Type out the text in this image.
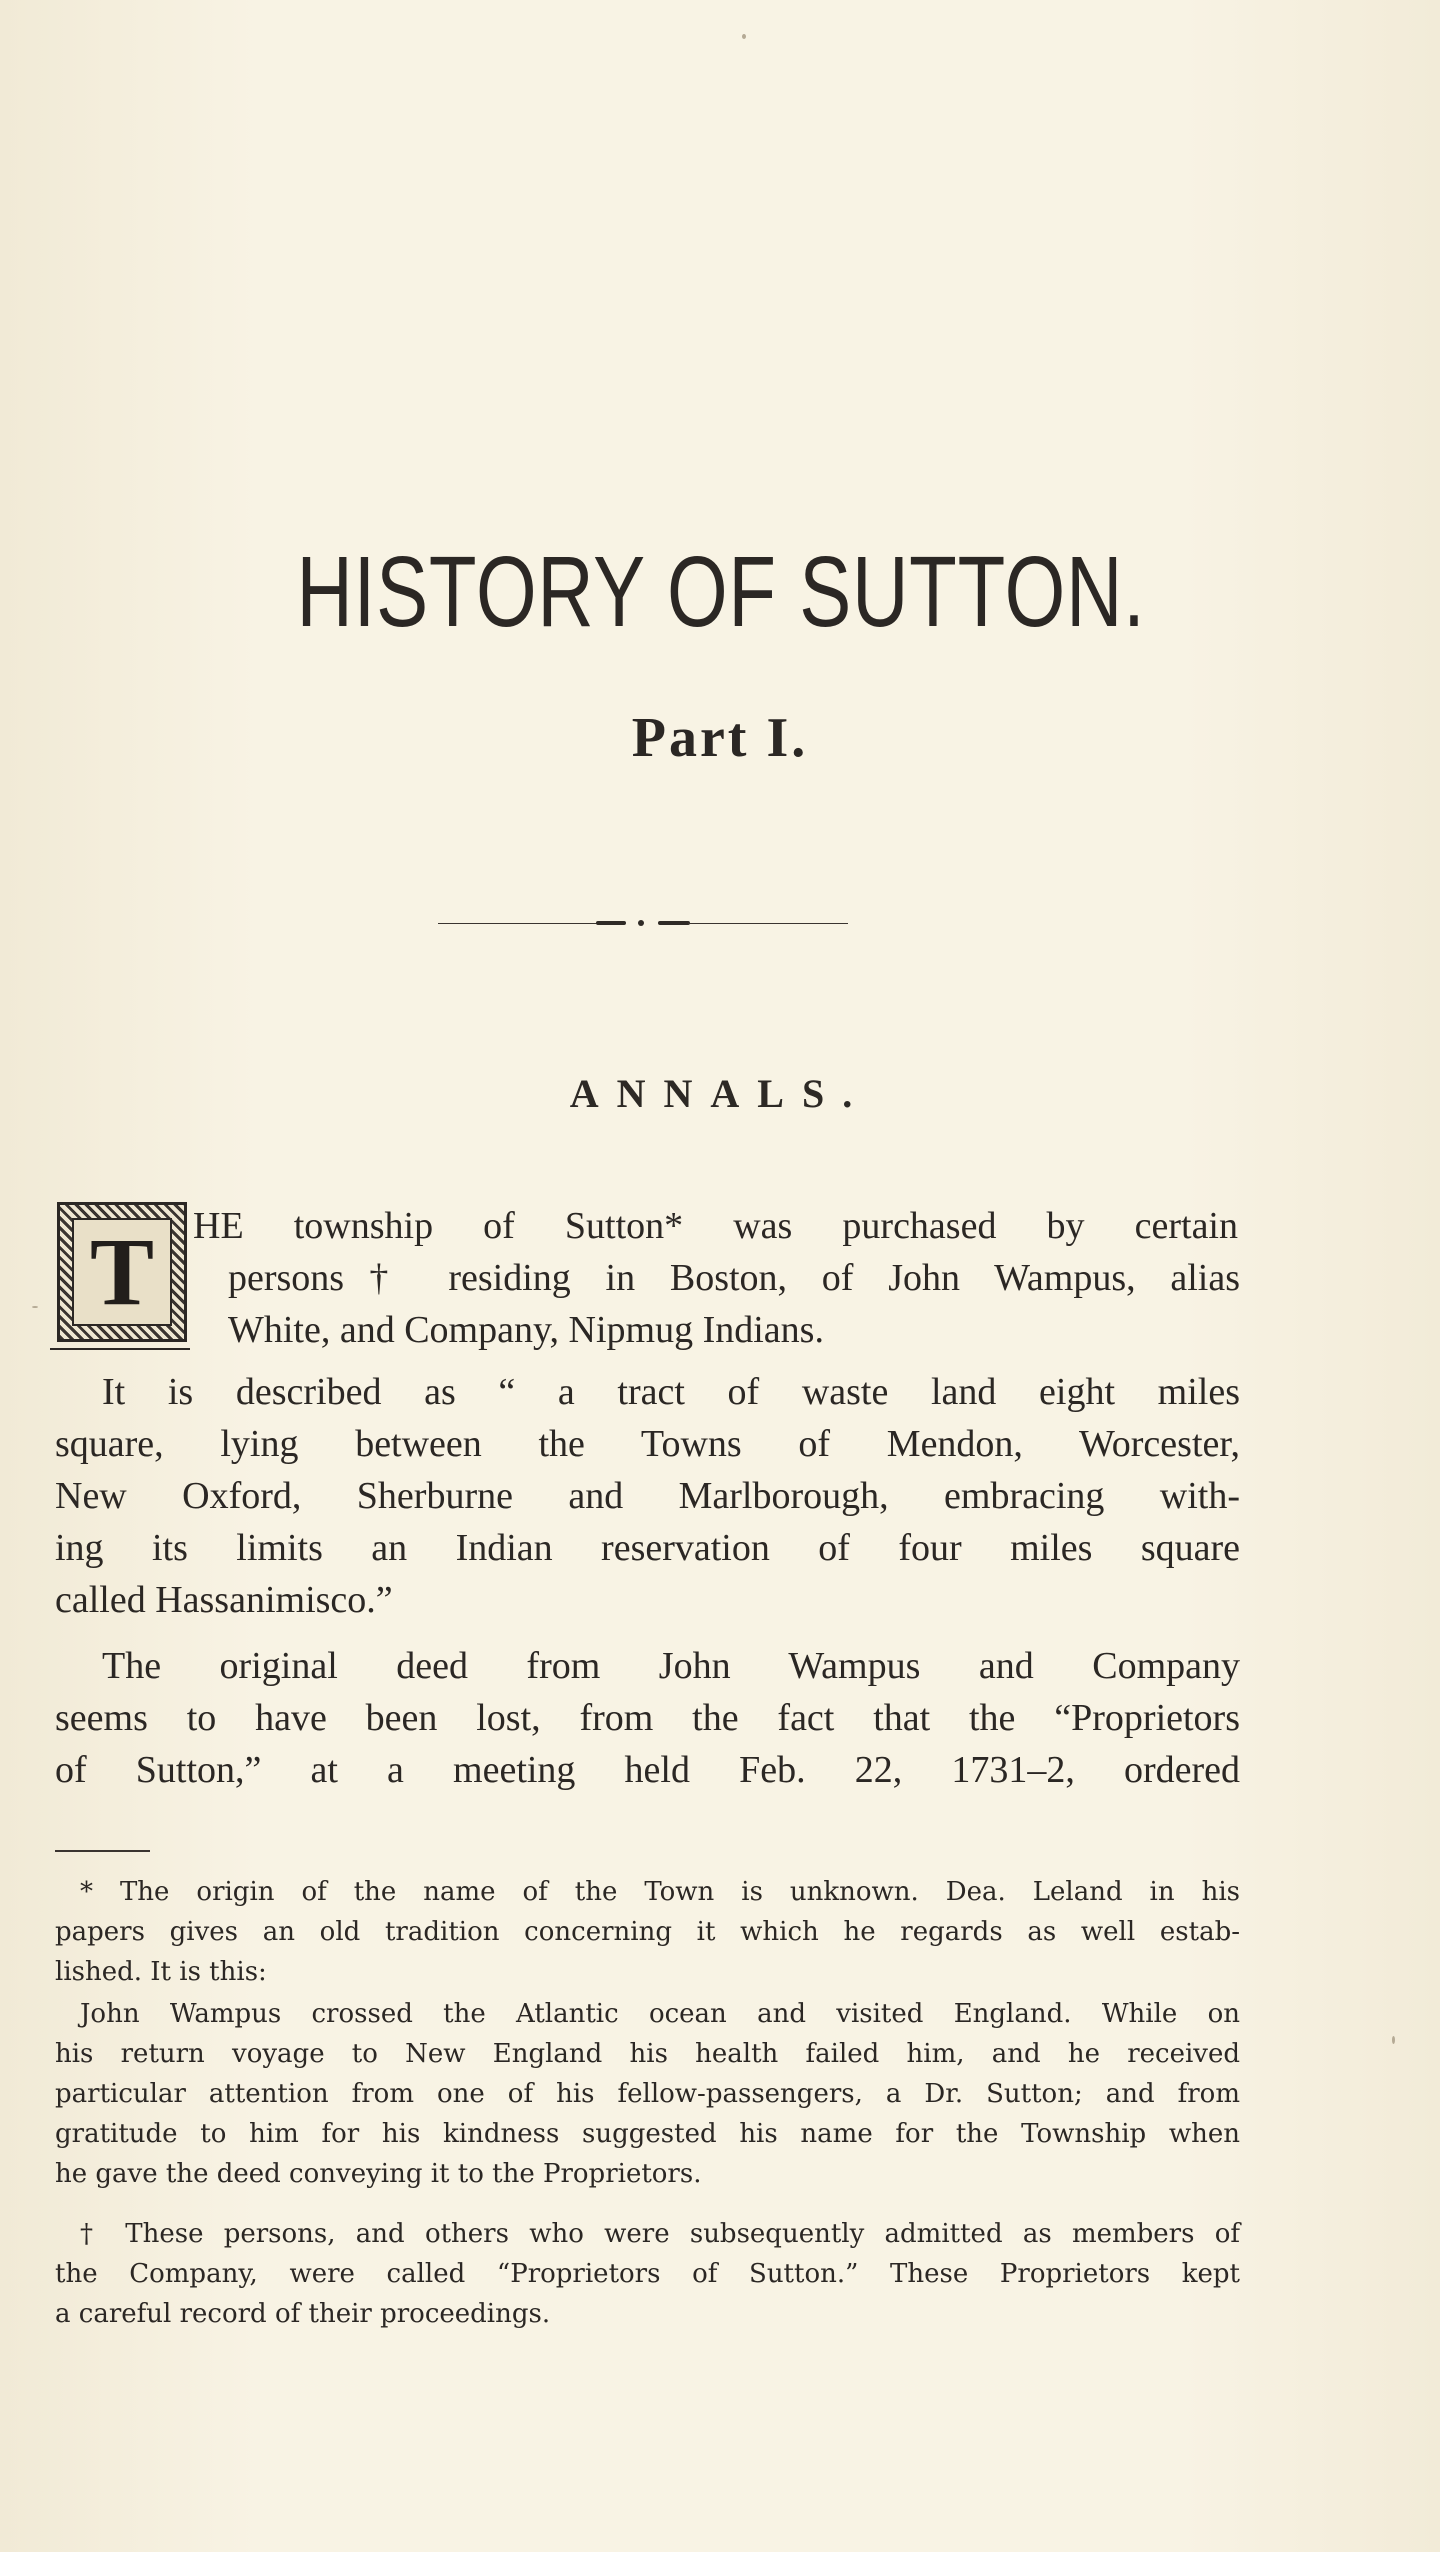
HISTORY OF SUTTON.
Part I.
ANNALS.
T	HE township of Sutton* was purchased by certain

persons† residing in Boston, of John Wampus, alias

White, and Company, Nipmug Indians.

It is described as “ a tract of waste land eight miles

square, lying between the Towns of Mendon, Worcester,

New Oxford, Sherburne and Marlborough, embracing with-

ing its limits an Indian reservation of four miles square

called Hassanimisco.”

The original deed from John Wampus and Company

seems to have been lost, from the fact that the “Proprietors

of Sutton,” at a meeting held Feb. 22, 1731–2, ordered

* The origin of the name of the Town is unknown. Dea. Leland in his

papers gives an old tradition concerning it which he regards as well estab-

lished. It is this:

John Wampus crossed the Atlantic ocean and visited England. While on

his return voyage to New England his health failed him, and he received

particular attention from one of his fellow-passengers, a Dr. Sutton; and from

gratitude to him for his kindness suggested his name for the Township when

he gave the deed conveying it to the Proprietors.

† These persons, and others who were subsequently admitted as members of

the Company, were called “Proprietors of Sutton.” These Proprietors kept

a careful record of their proceedings.
